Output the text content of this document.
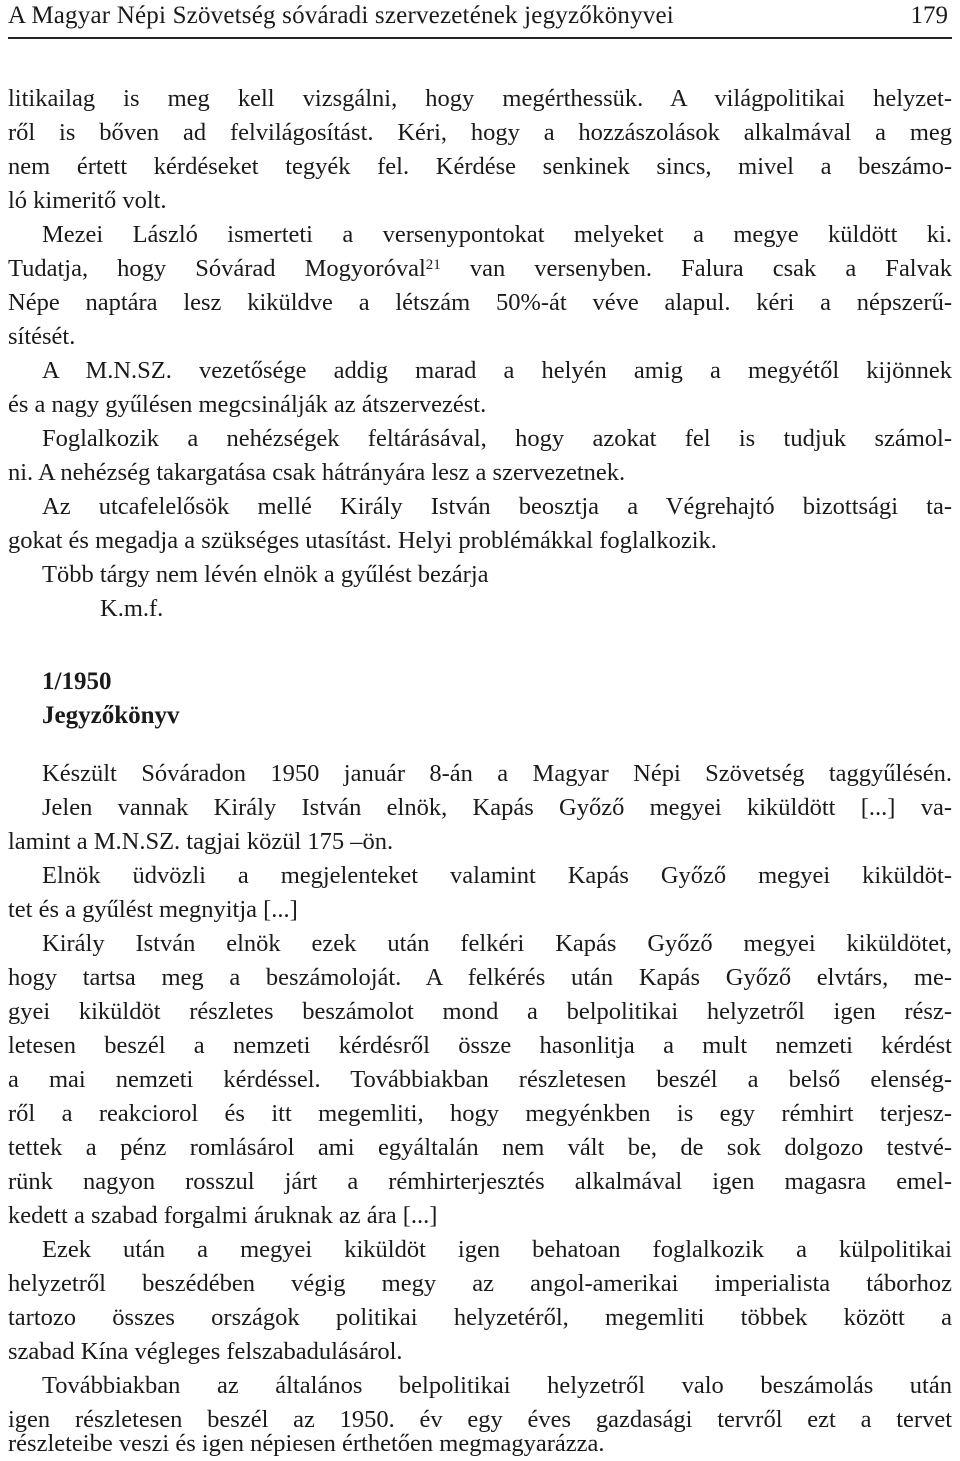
A Magyar Népi Szövetség sóváradi szervezetének jegyzőkönyvei	179
litikailag is meg kell vizsgálni, hogy megérthessük. A világpolitikai helyzet-
ről is bőven ad felvilágosítást. Kéri, hogy a hozzászolások alkalmával a meg
nem értett kérdéseket tegyék fel. Kérdése senkinek sincs, mivel a beszámo-
ló kimeritő volt.
Mezei László ismerteti a versenypontokat melyeket a megye küldött ki.
Tudatja, hogy Sóvárad Mogyoróval$^{21}$ van versenyben. Falura csak a Falvak
Népe naptára lesz kiküldve a létszám 50%-át véve alapul. kéri a népszerű-
sítését.
A M.N.SZ. vezetősége addig marad a helyén amig a megyétől kijönnek
és a nagy gyűlésen megcsinálják az átszervezést.
Foglalkozik a nehézségek feltárásával, hogy azokat fel is tudjuk számol-
ni. A nehézség takargatása csak hátrányára lesz a szervezetnek.
Az utcafelelősök mellé Király István beosztja a Végrehajtó bizottsági ta-
gokat és megadja a szükséges utasítást. Helyi problémákkal foglalkozik.
Több tárgy nem lévén elnök a gyűlést bezárja
K.m.f.
1/1950
Jegyzőkönyv
Készült Sóváradon 1950 január 8-án a Magyar Népi Szövetség taggyűlésén.
Jelen vannak Király István elnök, Kapás Győző megyei kiküldött [...] va-
lamint a M.N.SZ. tagjai közül 175 –ön.
Elnök üdvözli a megjelenteket valamint Kapás Győző megyei kiküldöt-
tet és a gyűlést megnyitja [...]
Király István elnök ezek után felkéri Kapás Győző megyei kiküldötet,
hogy tartsa meg a beszámoloját. A felkérés után Kapás Győző elvtárs, me-
gyei kiküldöt részletes beszámolot mond a belpolitikai helyzetről igen rész-
letesen beszél a nemzeti kérdésről össze hasonlitja a mult nemzeti kérdést
a mai nemzeti kérdéssel. Továbbiakban részletesen beszél a belső elenség-
ről a reakciorol és itt megemliti, hogy megyénkben is egy rémhirt terjesz-
tettek a pénz romlásárol ami egyáltalán nem vált be, de sok dolgozo testvé-
rünk nagyon rosszul járt a rémhirterjesztés alkalmával igen magasra emel-
kedett a szabad forgalmi áruknak az ára [...]
Ezek után a megyei kiküldöt igen behatoan foglalkozik a külpolitikai
helyzetről beszédében végig megy az angol-amerikai imperialista táborhoz
tartozo összes országok politikai helyzetéről, megemliti többek között a
szabad Kína végleges felszabadulásárol.
Továbbiakban az általános belpolitikai helyzetről valo beszámolás után
igen részletesen beszél az 1950. év egy éves gazdasági tervről ezt a tervet
részleteibe veszi és igen népiesen érthetően megmagyarázza.
